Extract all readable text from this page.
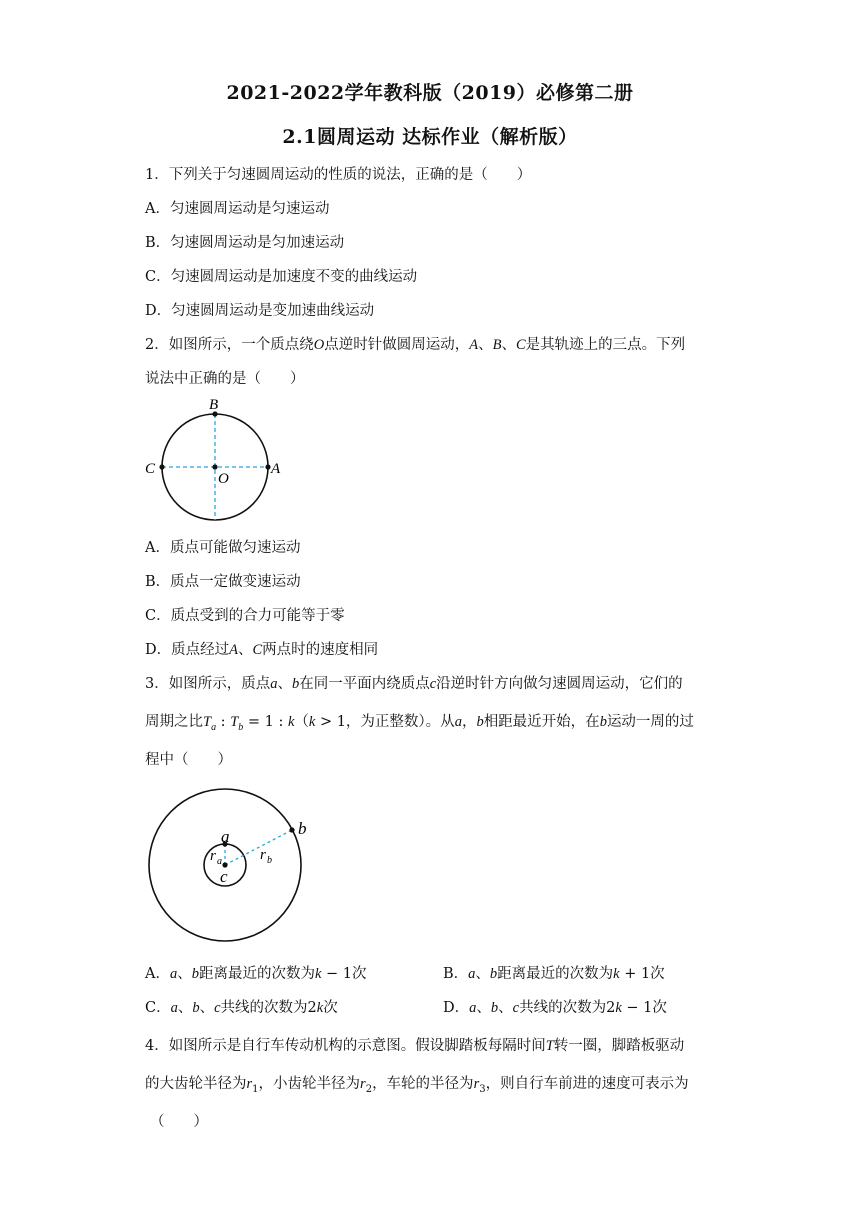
2021-2022学年教科版（2019）必修第二册
2.1圆周运动 达标作业（解析版）
1．下列关于匀速圆周运动的性质的说法，正确的是（　　）
A．匀速圆周运动是匀速运动
B．匀速圆周运动是匀加速运动
C．匀速圆周运动是加速度不变的曲线运动
D．匀速圆周运动是变加速曲线运动
2．如图所示，一个质点绕O点逆时针做圆周运动，A、B、C是其轨迹上的三点。下列
说法中正确的是（　　）
B
C	A
O
A．质点可能做匀速运动
B．质点一定做变速运动
C．质点受到的合力可能等于零
D．质点经过A、C两点时的速度相同
3．如图所示，质点a、b在同一平面内绕质点c沿逆时针方向做匀速圆周运动，它们的
周期之比$T_a$ : $T_b = 1$ : k（k > 1，为正整数）。从a，b相距最近开始，在b运动一周的过
程中（　　）
a	b
c
r a	r b
A．a、b距离最近的次数为k − 1次	B．a、b距离最近的次数为k + 1次
C．a、b、c共线的次数为2k次	D．a、b、c共线的次数为2k − 1次
4．如图所示是自行车传动机构的示意图。假设脚踏板每隔时间T转一圈，脚踏板驱动
的大齿轮半径为$r_1$，小齿轮半径为$r_2$，车轮的半径为$r_3$，则自行车前进的速度可表示为
（　　）
